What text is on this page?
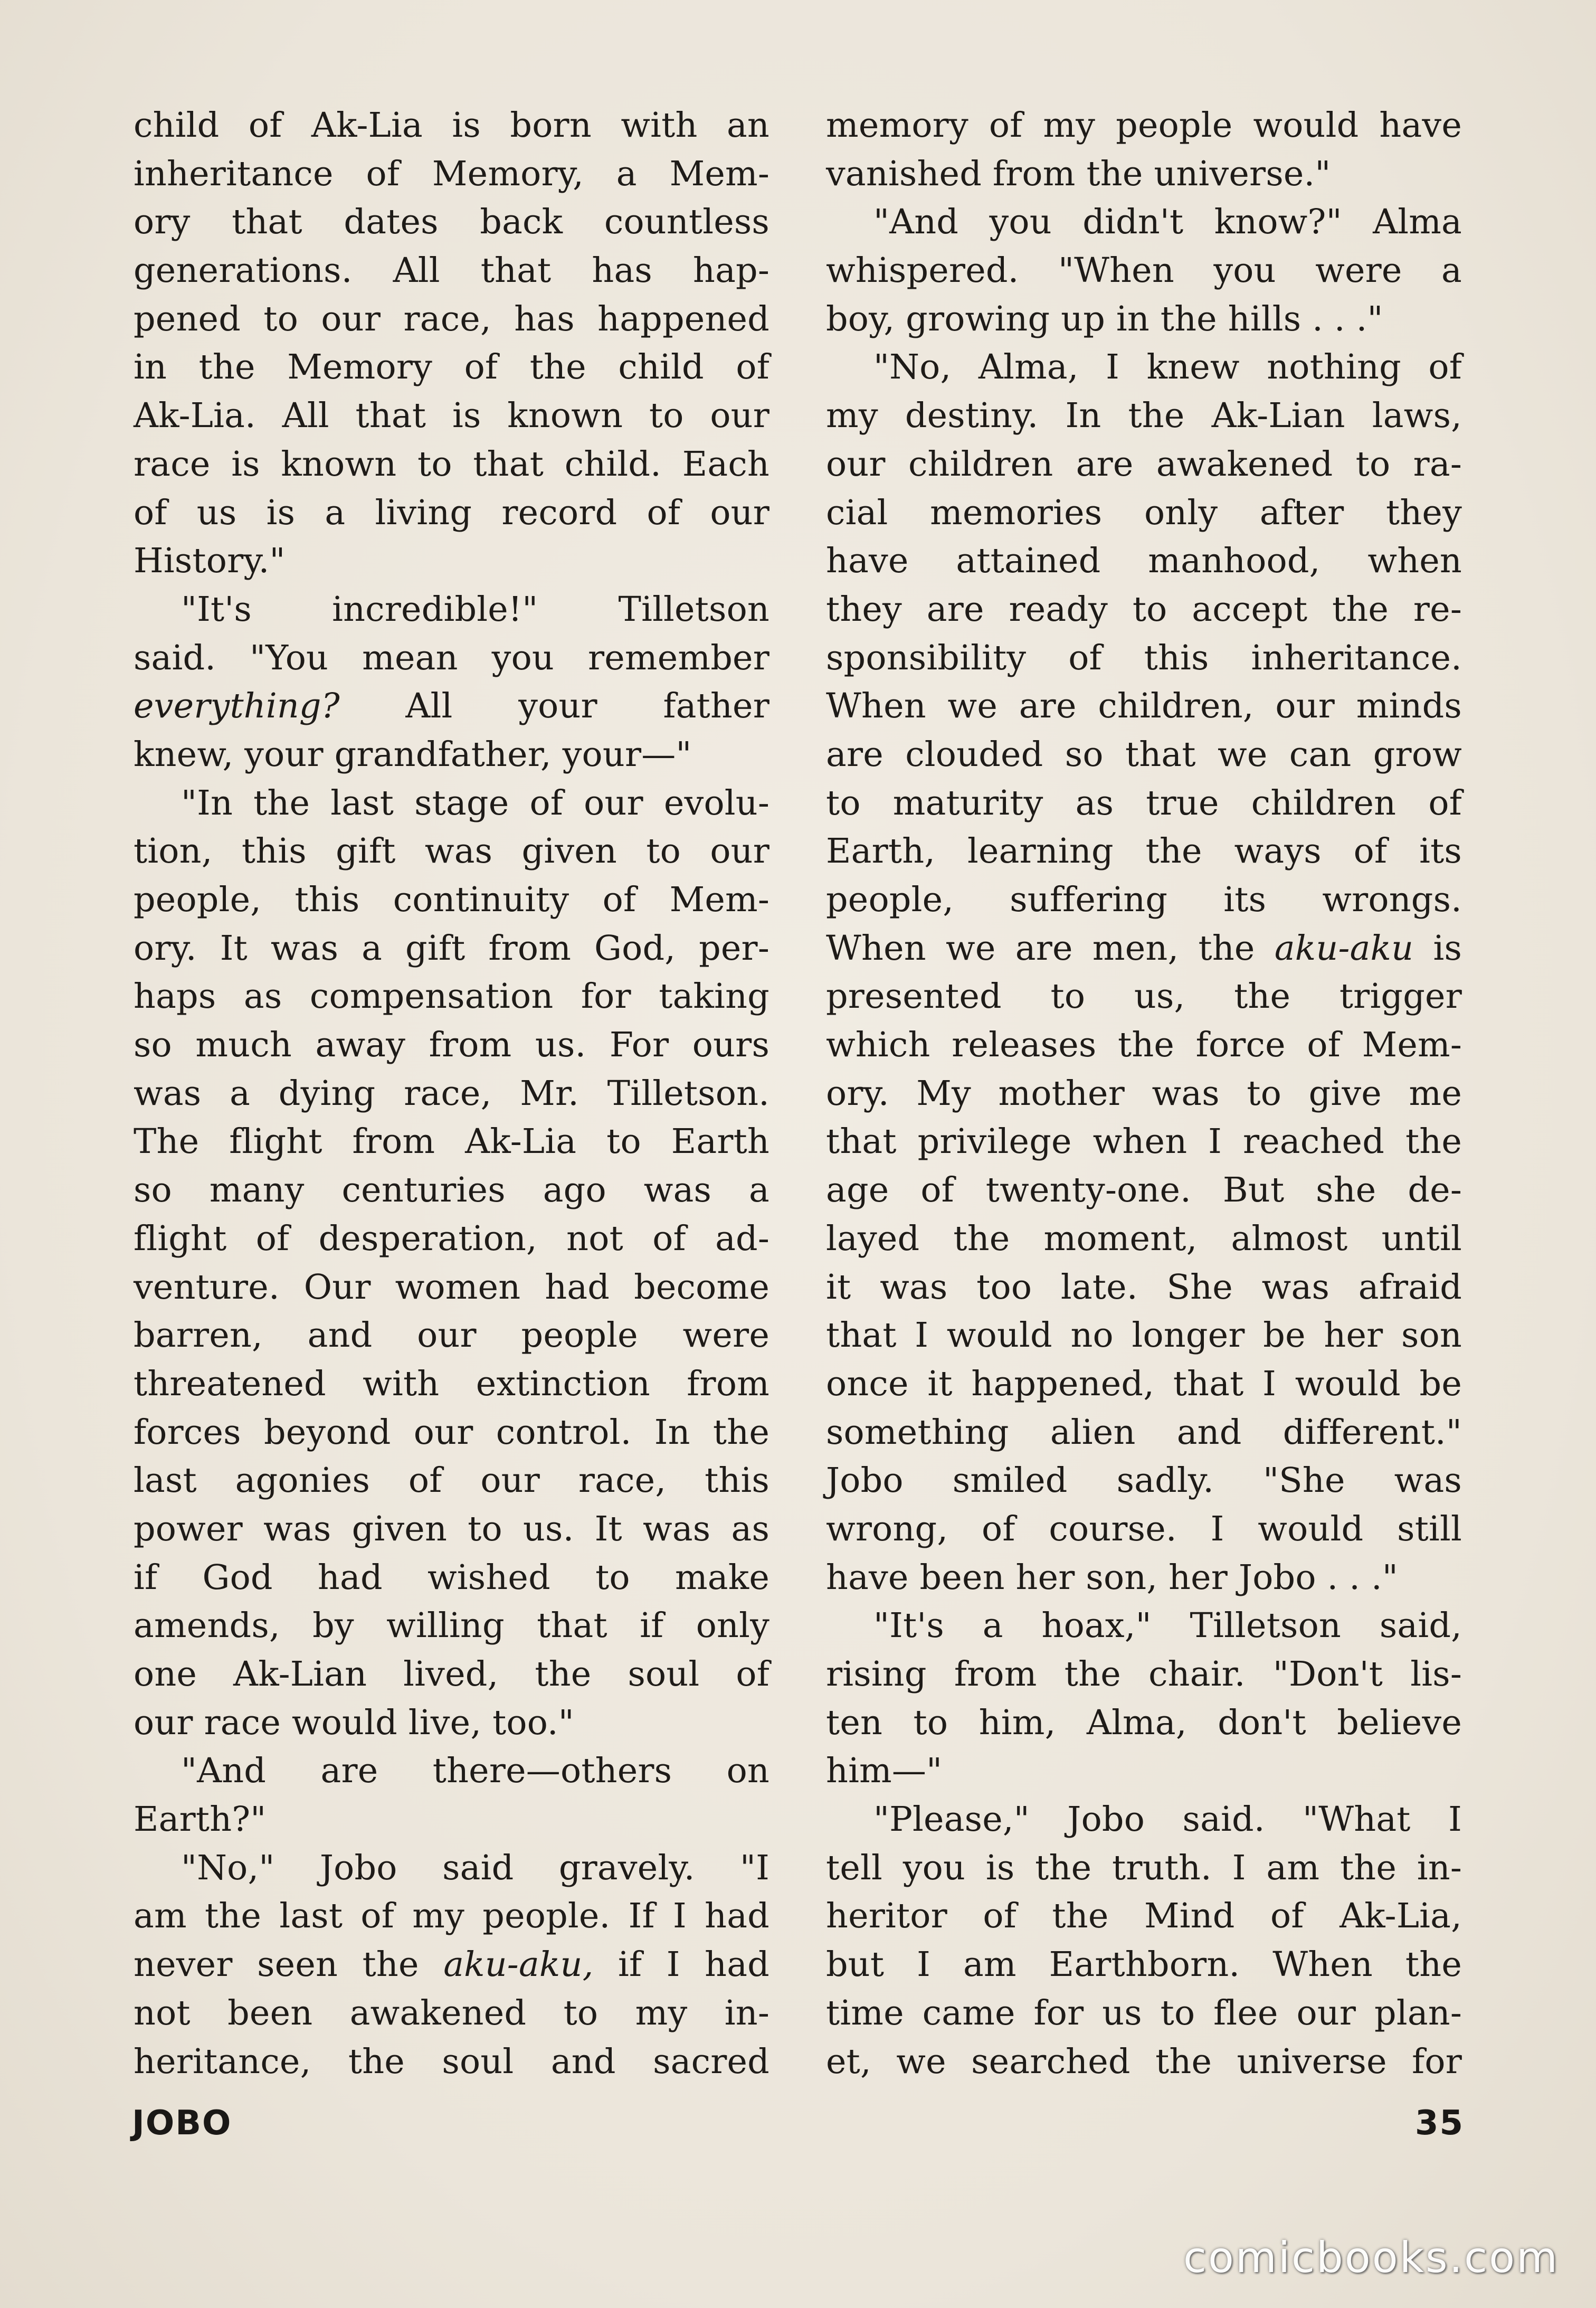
child of Ak-Lia is born with an
inheritance of Memory, a Mem-
ory that dates back countless
generations. All that has hap-
pened to our race, has happened
in the Memory of the child of
Ak-Lia. All that is known to our
race is known to that child. Each
of us is a living record of our
History."
"It's incredible!" Tilletson
said. "You mean you remember
everything? All your father
knew, your grandfather, your—"
"In the last stage of our evolu-
tion, this gift was given to our
people, this continuity of Mem-
ory. It was a gift from God, per-
haps as compensation for taking
so much away from us. For ours
was a dying race, Mr. Tilletson.
The flight from Ak-Lia to Earth
so many centuries ago was a
flight of desperation, not of ad-
venture. Our women had become
barren, and our people were
threatened with extinction from
forces beyond our control. In the
last agonies of our race, this
power was given to us. It was as
if God had wished to make
amends, by willing that if only
one Ak-Lian lived, the soul of
our race would live, too."
"And are there—others on
Earth?"
"No," Jobo said gravely. "I
am the last of my people. If I had
never seen the aku-aku, if I had
not been awakened to my in-
heritance, the soul and sacred
memory of my people would have
vanished from the universe."
"And you didn't know?" Alma
whispered. "When you were a
boy, growing up in the hills . . ."
"No, Alma, I knew nothing of
my destiny. In the Ak-Lian laws,
our children are awakened to ra-
cial memories only after they
have attained manhood, when
they are ready to accept the re-
sponsibility of this inheritance.
When we are children, our minds
are clouded so that we can grow
to maturity as true children of
Earth, learning the ways of its
people, suffering its wrongs.
When we are men, the aku-aku is
presented to us, the trigger
which releases the force of Mem-
ory. My mother was to give me
that privilege when I reached the
age of twenty-one. But she de-
layed the moment, almost until
it was too late. She was afraid
that I would no longer be her son
once it happened, that I would be
something alien and different."
Jobo smiled sadly. "She was
wrong, of course. I would still
have been her son, her Jobo . . ."
"It's a hoax," Tilletson said,
rising from the chair. "Don't lis-
ten to him, Alma, don't believe
him—"
"Please," Jobo said. "What I
tell you is the truth. I am the in-
heritor of the Mind of Ak-Lia,
but I am Earthborn. When the
time came for us to flee our plan-
et, we searched the universe for
JOBO	35
comicbooks.com
